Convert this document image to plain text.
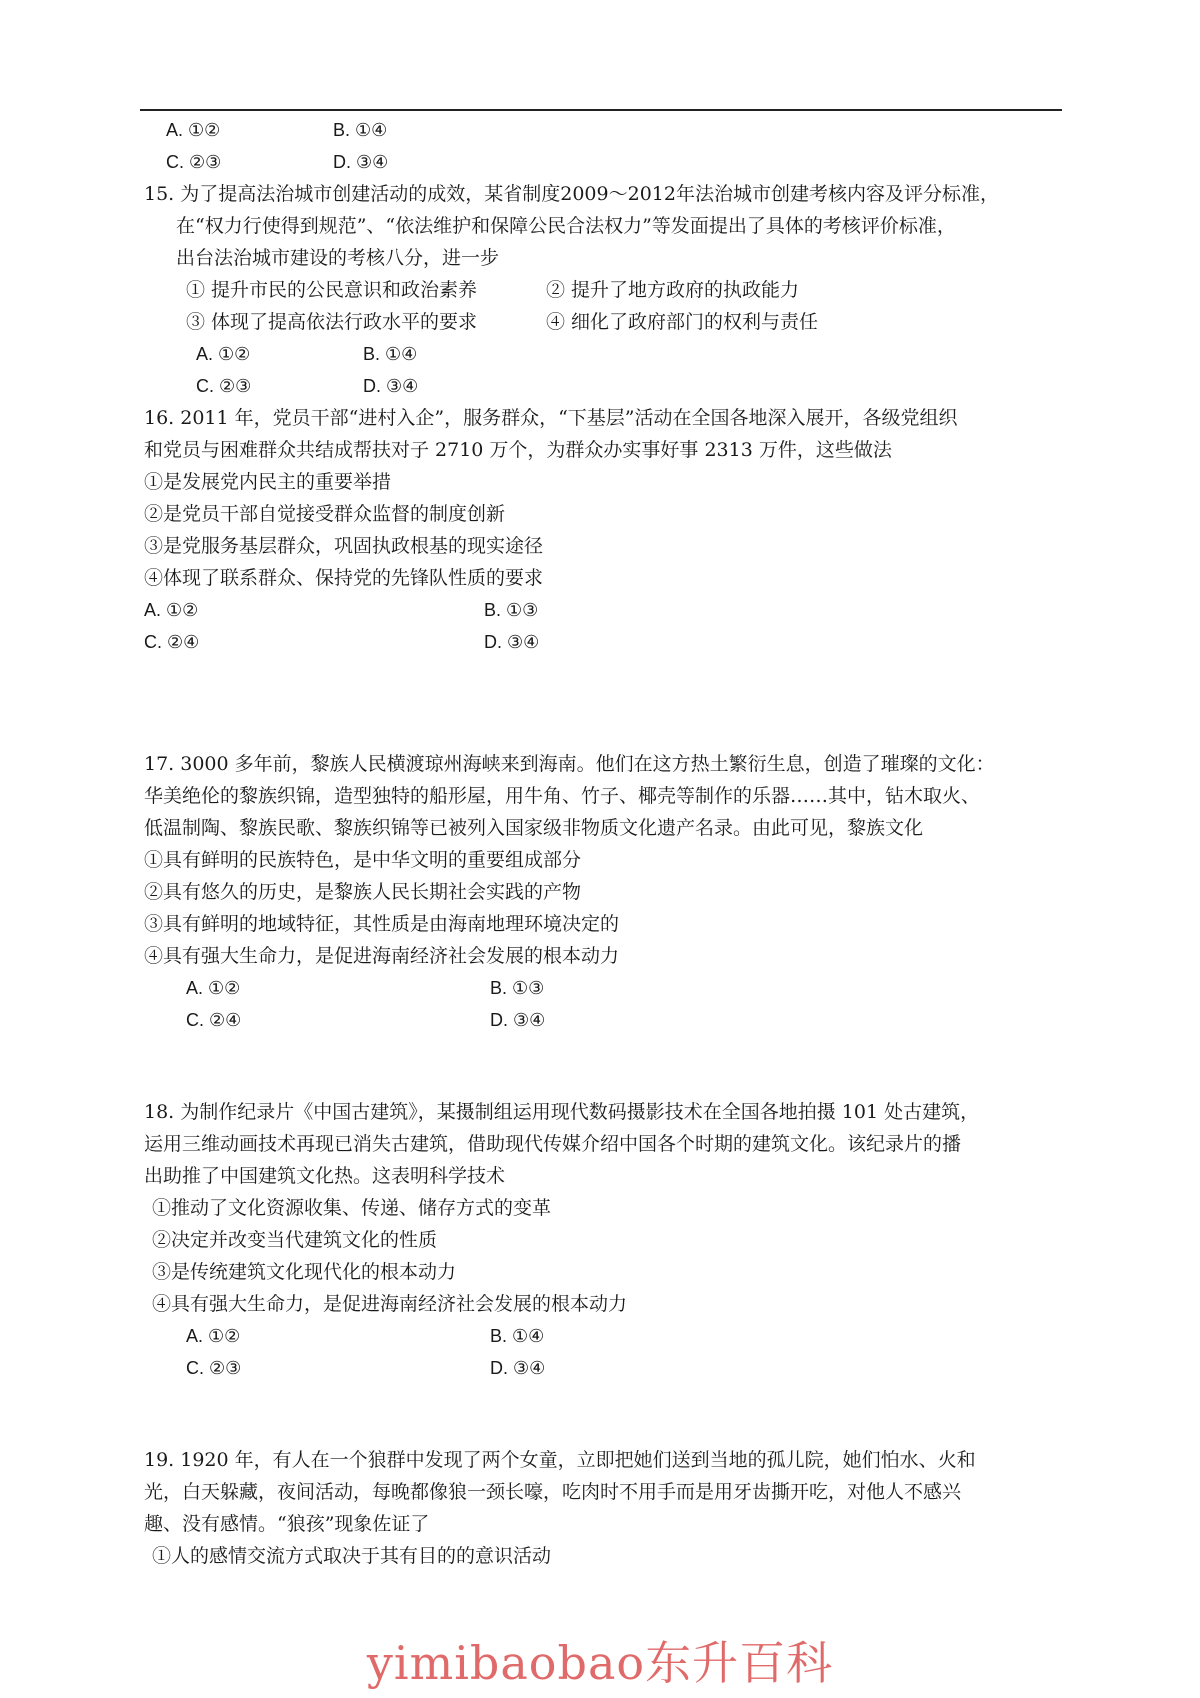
A. ①②	B. ①④
C. ②③	D. ③④
15. 为了提高法治城市创建活动的成效，某省制度2009～2012年法治城市创建考核内容及评分标准，
在“权力行使得到规范”、“依法维护和保障公民合法权力”等发面提出了具体的考核评价标准，
出台法治城市建设的考核八分，进一步
① 提升市民的公民意识和政治素养	② 提升了地方政府的执政能力
③ 体现了提高依法行政水平的要求	④ 细化了政府部门的权利与责任
A. ①②	B. ①④
C. ②③	D. ③④
16. 2011 年，党员干部“进村入企”，服务群众，“下基层”活动在全国各地深入展开，各级党组织
和党员与困难群众共结成帮扶对子 2710 万个，为群众办实事好事 2313 万件，这些做法
①是发展党内民主的重要举措
②是党员干部自觉接受群众监督的制度创新
③是党服务基层群众，巩固执政根基的现实途径
④体现了联系群众、保持党的先锋队性质的要求
A. ①②	B. ①③
C. ②④	D. ③④
17. 3000 多年前，黎族人民横渡琼州海峡来到海南。他们在这方热土繁衍生息，创造了璀璨的文化：
华美绝伦的黎族织锦，造型独特的船形屋，用牛角、竹子、椰壳等制作的乐器……其中，钻木取火、
低温制陶、黎族民歌、黎族织锦等已被列入国家级非物质文化遗产名录。由此可见，黎族文化
①具有鲜明的民族特色，是中华文明的重要组成部分
②具有悠久的历史，是黎族人民长期社会实践的产物
③具有鲜明的地域特征，其性质是由海南地理环境决定的
④具有强大生命力，是促进海南经济社会发展的根本动力
A. ①②	B. ①③
C. ②④	D. ③④
18. 为制作纪录片《中国古建筑》，某摄制组运用现代数码摄影技术在全国各地拍摄 101 处古建筑，
运用三维动画技术再现已消失古建筑，借助现代传媒介绍中国各个时期的建筑文化。该纪录片的播
出助推了中国建筑文化热。这表明科学技术
①推动了文化资源收集、传递、储存方式的变革
②决定并改变当代建筑文化的性质
③是传统建筑文化现代化的根本动力
④具有强大生命力，是促进海南经济社会发展的根本动力
A. ①②	B. ①④
C. ②③	D. ③④
19. 1920 年，有人在一个狼群中发现了两个女童，立即把她们送到当地的孤儿院，她们怕水、火和
光，白天躲藏，夜间活动，每晚都像狼一颈长嚎，吃肉时不用手而是用牙齿撕开吃，对他人不感兴
趣、没有感情。“狼孩”现象佐证了
①人的感情交流方式取决于其有目的的意识活动
yimibaobao东升百科
